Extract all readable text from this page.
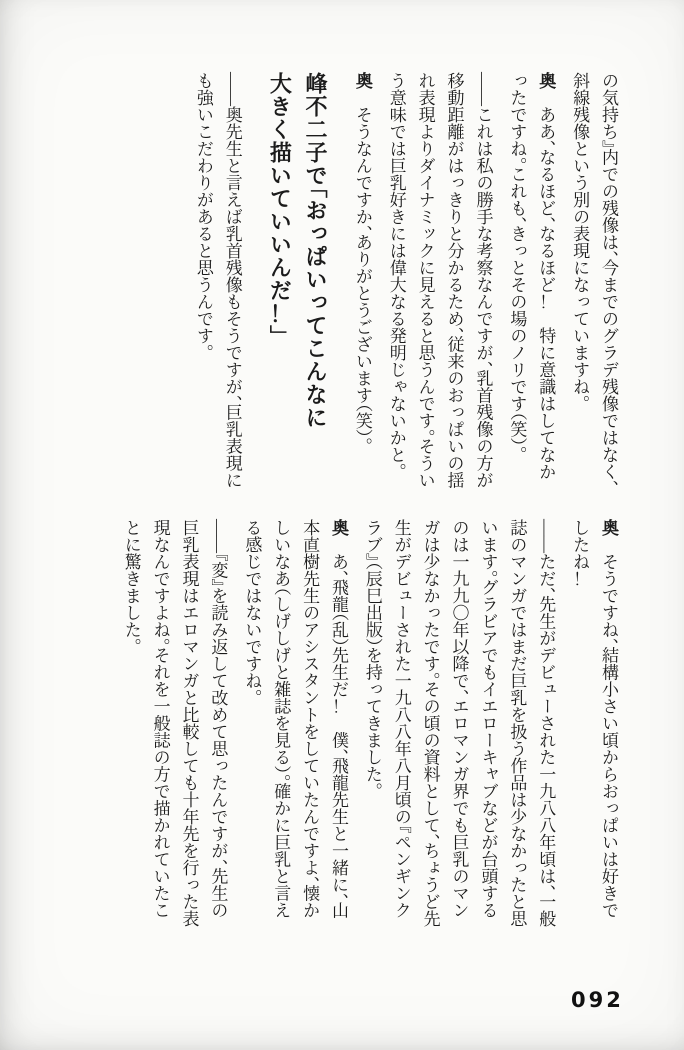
の気持ち』内での残像は、今までのグラデ残像ではなく、斜線残像という別の表現になっていますね。

奥　ああ、なるほど、なるほど！　特に意識はしてなかったですね。これも、きっとその場のノリです（笑）。

――これは私の勝手な考察なんですが、乳首残像の方が移動距離がはっきりと分かるため、従来のおっぱいの揺れ表現よりダイナミックに見えると思うんです。そういう意味では巨乳好きには偉大なる発明じゃないかと。

奥　そうなんですか、ありがとうございます（笑）。

峰不二子で「おっぱいってこんなに
大きく描いていいんだ！」

――奥先生と言えば乳首残像もそうですが、巨乳表現にも強いこだわりがあると思うんです。

奥　そうですね、結構小さい頃からおっぱいは好きでしたね！

――ただ、先生がデビューされた一九八八年頃は、一般誌のマンガではまだ巨乳を扱う作品は少なかったと思います。グラビアでもイエローキャブなどが台頭するのは一九九〇年以降で、エロマンガ界でも巨乳のマンガは少なかったです。その頃の資料として、ちょうど先生がデビューされた一九八八年八月頃の『ペンギンクラブ』（辰巳出版）を持ってきました。

奥　あ、飛龍（乱）先生だ！　僕、飛龍先生と一緒に、山本直樹先生のアシスタントをしていたんですよ、懐かしいなあ（しげしげと雑誌を見る）。確かに巨乳と言える感じではないですね。

――『変』を読み返して改めて思ったんですが、先生の巨乳表現はエロマンガと比較しても十年先を行った表現なんですよね。それを一般誌の方で描かれていたことに驚きました。

092
